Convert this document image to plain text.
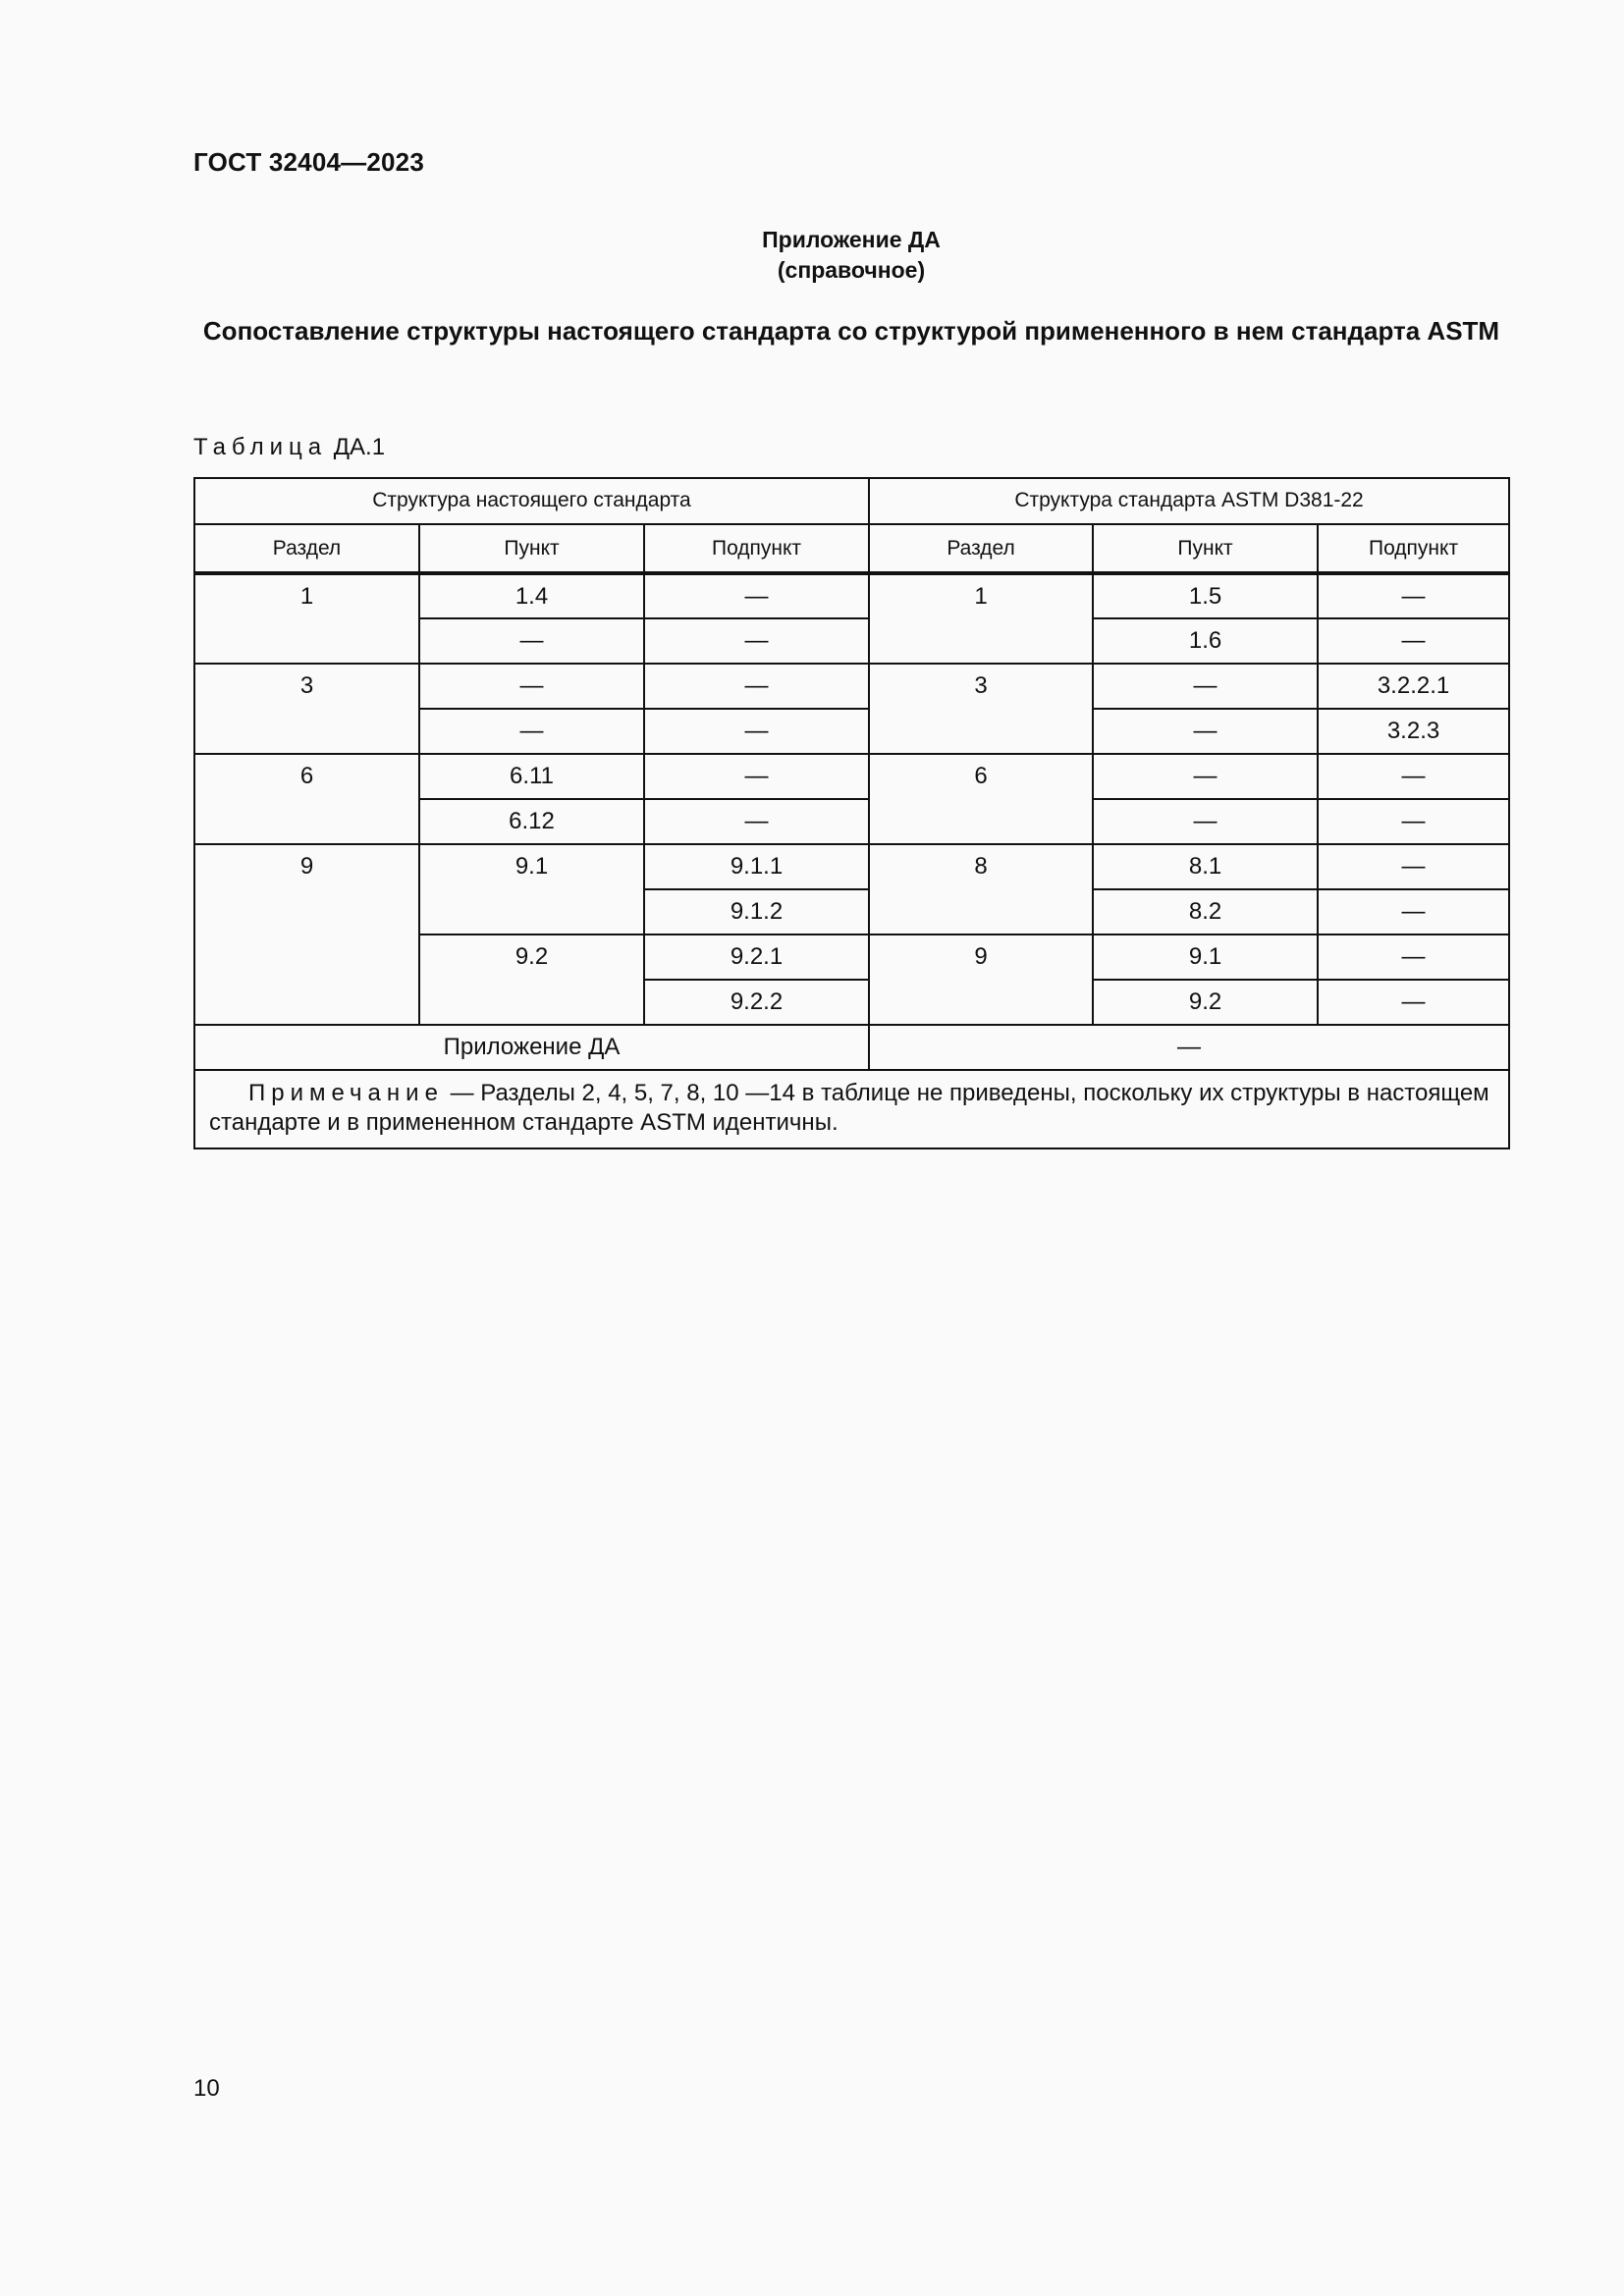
ГОСТ 32404—2023
Приложение ДА
(справочное)
Сопоставление структуры настоящего стандарта со структурой примененного в нем стандарта ASTM
Таблица ДА.1
Структура настоящего стандарта			Структура стандарта ASTM D381-22		
Раздел	Пункт	Подпункт	Раздел	Пункт	Подпункт
1	1.4	—	1	1.5	—
	—	—		1.6	—
3	—	—	3	—	3.2.2.1
	—	—		—	3.2.3
6	6.11	—	6	—	—
	6.12	—		—	—
9	9.1	9.1.1	8	8.1	—
		9.1.2		8.2	—
	9.2	9.2.1	9	9.1	—
		9.2.2		9.2	—
Приложение ДА			—		
Примечание — Разделы 2, 4, 5, 7, 8, 10 —14 в таблице не приведены, поскольку их структуры в настоящем стандарте и в примененном стандарте ASTM идентичны.					
10
